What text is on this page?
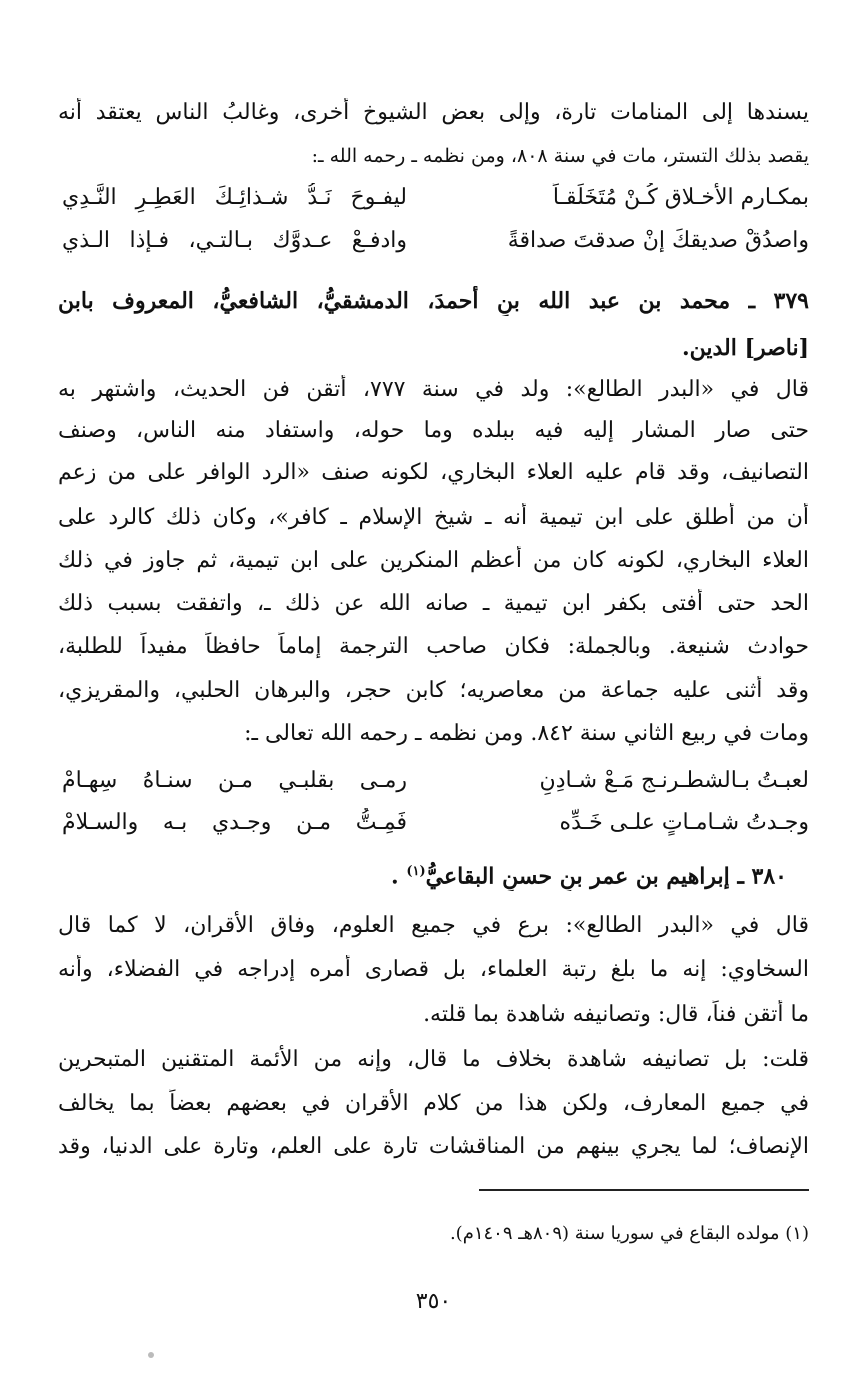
يسندها إلى المنامات تارة، وإلى بعض الشيوخ أخرى، وغالبُ الناس يعتقد أنه
يقصد بذلك التستر، مات في سنة ٨٠٨، ومن نظمه ـ رحمه الله ـ:
بمكـارم الأخـلاق كُـنْ مُتَخَلِّقـاً
ليفـوحَ نَـدُّ شـذائِـكَ العَطِـرِ النَّـدِي
واصدُقْ صديقكَ إنْ صدقتَ صداقةً
وادفـعْ عـدوَّك بـالتـي، فـإذا الـذي
٣٧٩ ـ محمد بن عبد الله بنِ أحمدَ، الدمشقيُّ، الشافعيُّ، المعروف بابن
[ناصر] الدين.
قال في «البدر الطالع»: ولد في سنة ٧٧٧، أتقن فن الحديث، واشتهر به
حتى صار المشار إليه فيه ببلده وما حوله، واستفاد منه الناس، وصنف
التصانيف، وقد قام عليه العلاء البخاري، لكونه صنف «الرد الوافر على من زعم
أن من أطلق على ابن تيمية أنه ـ شيخ الإسلام ـ كافر»، وكان ذلك كالرد على
العلاء البخاري، لكونه كان من أعظم المنكرين على ابن تيمية، ثم جاوز في ذلك
الحد حتى أفتى بكفر ابن تيمية ـ صانه الله عن ذلك ـ، واتفقت بسبب ذلك
حوادث شنيعة. وبالجملة: فكان صاحب الترجمة إماماً حافظاً مفيداً للطلبة،
وقد أثنى عليه جماعة من معاصريه؛ كابن حجر، والبرهان الحلبي، والمقريزي،
ومات في ربيع الثاني سنة ٨٤٢. ومن نظمه ـ رحمه الله تعالى ـ:
لعبـتُ بـالشطـرنـج مَـعْ شـادِنِ
رمـى بقلبـي مـن سنـاهُ سِهـامْ
وجـدتُ شـامـاتٍ علـى خَـدِّه
فَمِـتُّ مـن وجـدي بـه والسـلامْ
٣٨٠ ـ إبراهيم بن عمر بنِ حسنٍ البقاعيُّ$^{(١)}$ .
قال في «البدر الطالع»: برع في جميع العلوم، وفاق الأقران، لا كما قال
السخاوي: إنه ما بلغ رتبة العلماء، بل قصارى أمره إدراجه في الفضلاء، وأنه
ما أتقن فناً، قال: وتصانيفه شاهدة بما قلته.
قلت: بل تصانيفه شاهدة بخلاف ما قال، وإنه من الأئمة المتقنين المتبحرين
في جميع المعارف، ولكن هذا من كلام الأقران في بعضهم بعضاً بما يخالف
الإنصاف؛ لما يجري بينهم من المناقشات تارة على العلم، وتارة على الدنيا، وقد
(١) مولده البقاع في سوريا سنة (٨٠٩هـ ١٤٠٩م).
٣٥٠
